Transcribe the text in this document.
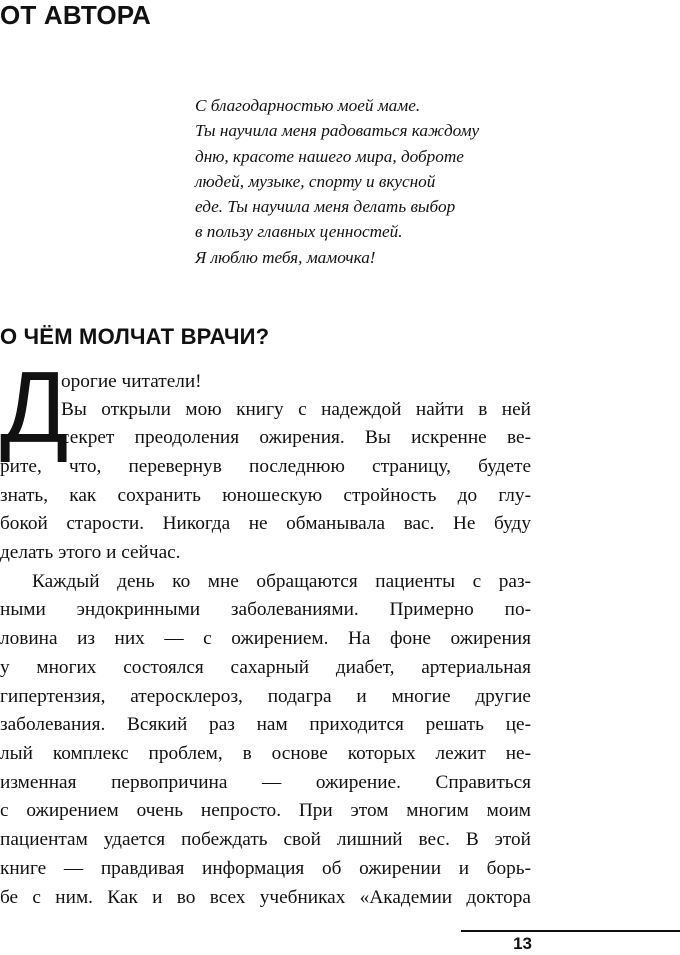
ОТ АВТОРА
С благодарностью моей маме.
Ты научила меня радоваться каждому
дню, красоте нашего мира, доброте
людей, музыке, спорту и вкусной
еде. Ты научила меня делать выбор
в пользу главных ценностей.
Я люблю тебя, мамочка!
О ЧЁМ МОЛЧАТ ВРАЧИ?
Д
орогие читатели!
Вы открыли мою книгу с надеждой найти в ней
секрет преодоления ожирения. Вы искренне ве-
рите, что, перевернув последнюю страницу, будете
знать, как сохранить юношескую стройность до глу-
бокой старости. Никогда не обманывала вас. Не буду
делать этого и сейчас.
Каждый день ко мне обращаются пациенты с раз-
ными эндокринными заболеваниями. Примерно по-
ловина из них — с ожирением. На фоне ожирения
у многих состоялся сахарный диабет, артериальная
гипертензия, атеросклероз, подагра и многие другие
заболевания. Всякий раз нам приходится решать це-
лый комплекс проблем, в основе которых лежит не-
изменная первопричина — ожирение. Справиться
с ожирением очень непросто. При этом многим моим
пациентам удается побеждать свой лишний вес. В этой
книге — правдивая информация об ожирении и борь-
бе с ним. Как и во всех учебниках «Академии доктора
13
